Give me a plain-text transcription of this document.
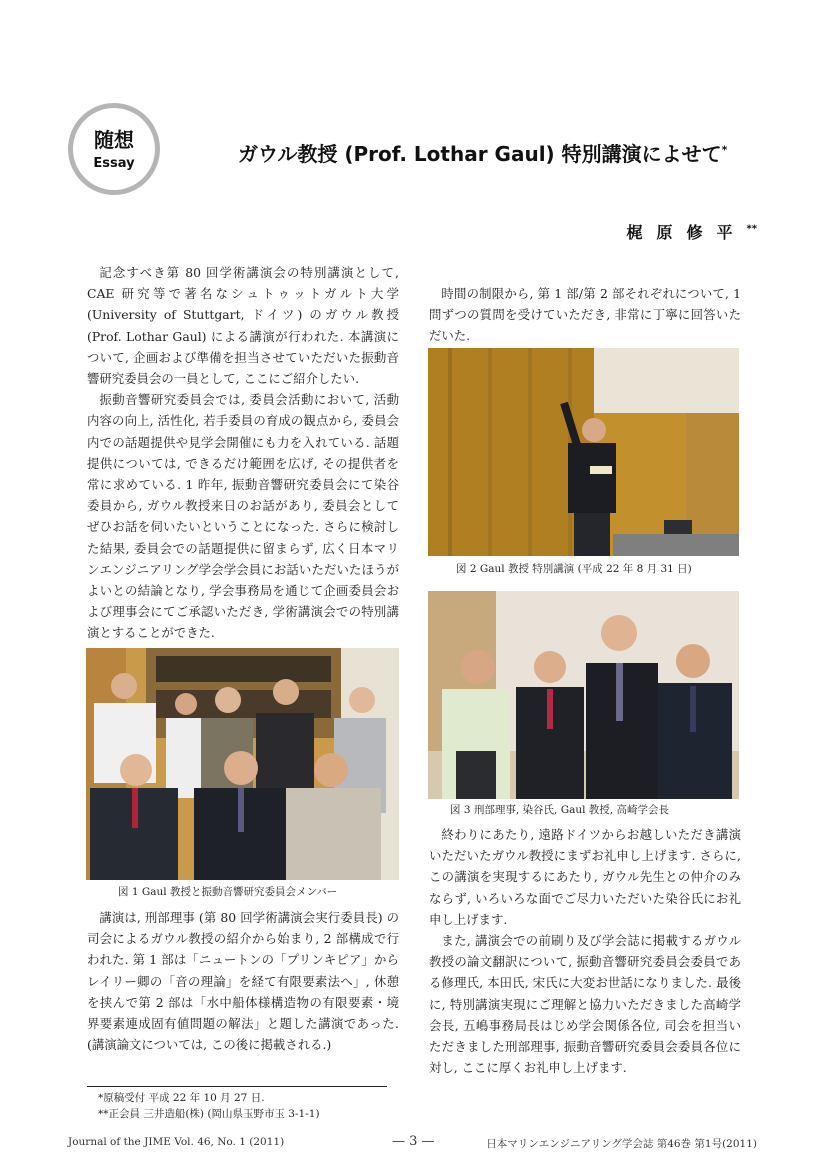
随想
Essay	ガウル教授 (Prof. Lothar Gaul) 特別講演によせて*
梶原修平**

記念すべき第 80 回学術講演会の特別講演として, CAE 研究等で著名なシュトゥットガルト大学 (University of Stuttgart, ドイツ) のガウル教授 (Prof. Lothar Gaul) による講演が行われた. 本講演について, 企画および準備を担当させていただいた振動音響研究委員会の一員として, ここにご紹介したい.

振動音響研究委員会では, 委員会活動において, 活動内容の向上, 活性化, 若手委員の育成の観点から, 委員会内での話題提供や見学会開催にも力を入れている. 話題提供については, できるだけ範囲を広げ, その提供者を常に求めている. 1 昨年, 振動音響研究委員会にて染谷委員から, ガウル教授来日のお話があり, 委員会としてぜひお話を伺いたいということになった. さらに検討した結果, 委員会での話題提供に留まらず, 広く日本マリンエンジニアリング学会学会員にお話いただいたほうがよいとの結論となり, 学会事務局を通じて企画委員会および理事会にてご承認いただき, 学術講演会での特別講演とすることができた.

図 1 Gaul 教授と振動音響研究委員会メンバー

講演は, 刑部理事 (第 80 回学術講演会実行委員長) の司会によるガウル教授の紹介から始まり, 2 部構成で行われた. 第 1 部は「ニュートンの「プリンキピア」からレイリー卿の「音の理論」を経て有限要素法へ」, 休憩を挟んで第 2 部は「水中船体様構造物の有限要素・境界要素連成固有値問題の解法」と題した講演であった. (講演論文については, この後に掲載される.)

*原稿受付 平成 22 年 10 月 27 日.
**正会員 三井造船(株) (岡山県玉野市玉 3-1-1)

時間の制限から, 第 1 部/第 2 部それぞれについて, 1 問ずつの質問を受けていただき, 非常に丁寧に回答いただいた.

図 2 Gaul 教授 特別講演 (平成 22 年 8 月 31 日)
図 3 刑部理事, 染谷氏, Gaul 教授, 高崎学会長

終わりにあたり, 遠路ドイツからお越しいただき講演いただいたガウル教授にまずお礼申し上げます. さらに, この講演を実現するにあたり, ガウル先生との仲介のみならず, いろいろな面でご尽力いただいた染谷氏にお礼申し上げます.

また, 講演会での前刷り及び学会誌に掲載するガウル教授の論文翻訳について, 振動音響研究委員会委員である修理氏, 本田氏, 宋氏に大変お世話になりました. 最後に, 特別講演実現にご理解と協力いただきました高崎学会長, 五嶋事務局長はじめ学会関係各位, 司会を担当いただきました刑部理事, 振動音響研究委員会委員各位に対し, ここに厚くお礼申し上げます.

Journal of the JIME Vol. 46, No. 1 (2011)	— 3 —	日本マリンエンジニアリング学会誌 第46巻 第1号(2011)
